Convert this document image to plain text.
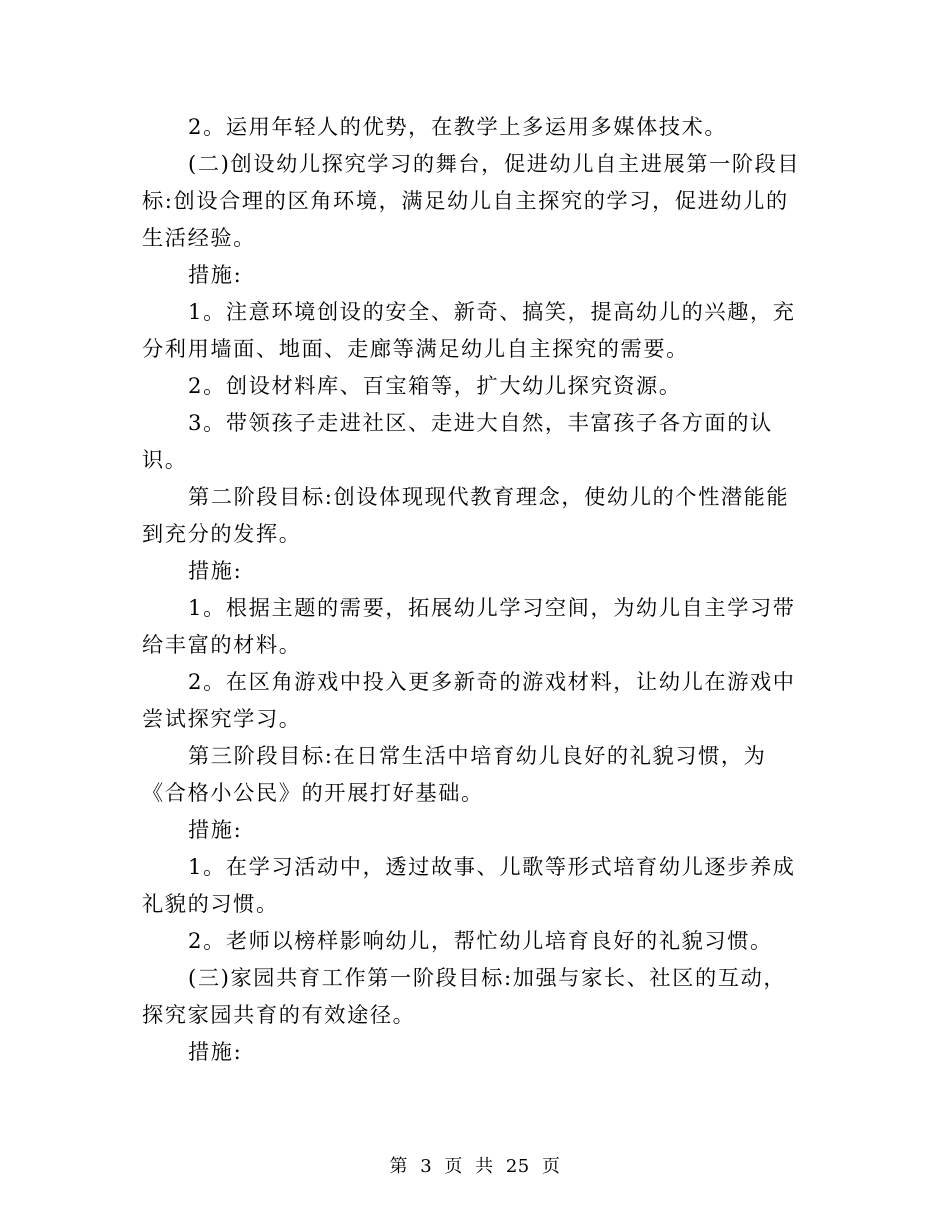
2。运用年轻人的优势，在教学上多运用多媒体技术。

(二)创设幼儿探究学习的舞台，促进幼儿自主进展第一阶段目标:创设合理的区角环境，满足幼儿自主探究的学习，促进幼儿的生活经验。

措施:

1。注意环境创设的安全、新奇、搞笑，提高幼儿的兴趣，充分利用墙面、地面、走廊等满足幼儿自主探究的需要。

2。创设材料库、百宝箱等，扩大幼儿探究资源。

3。带领孩子走进社区、走进大自然，丰富孩子各方面的认识。

第二阶段目标:创设体现现代教育理念，使幼儿的个性潜能能到充分的发挥。

措施:

1。根据主题的需要，拓展幼儿学习空间，为幼儿自主学习带给丰富的材料。

2。在区角游戏中投入更多新奇的游戏材料，让幼儿在游戏中尝试探究学习。

第三阶段目标:在日常生活中培育幼儿良好的礼貌习惯，为《合格小公民》的开展打好基础。

措施:

1。在学习活动中，透过故事、儿歌等形式培育幼儿逐步养成礼貌的习惯。

2。老师以榜样影响幼儿，帮忙幼儿培育良好的礼貌习惯。

(三)家园共育工作第一阶段目标:加强与家长、社区的互动，探究家园共育的有效途径。

措施:

第 3 页 共 25 页
